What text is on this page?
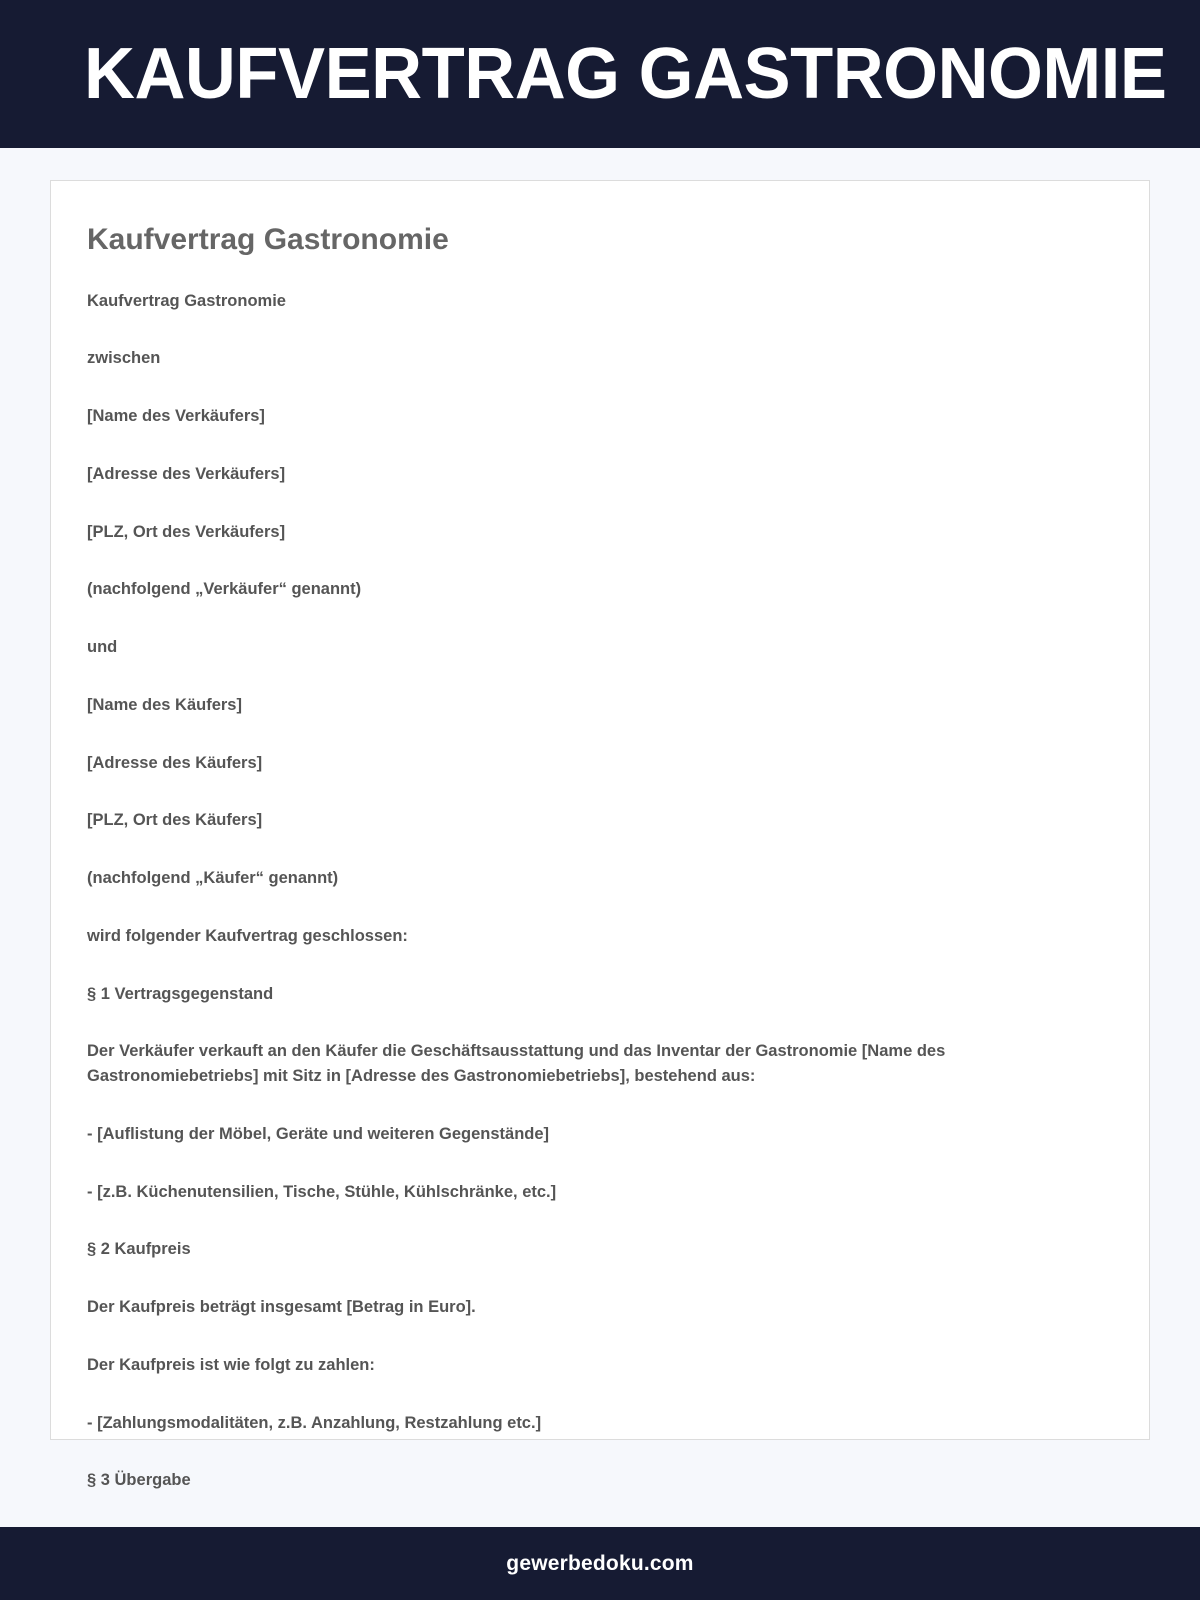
KAUFVERTRAG GASTRONOMIE
Kaufvertrag Gastronomie

Kaufvertrag Gastronomie

zwischen

[Name des Verkäufers]

[Adresse des Verkäufers]

[PLZ, Ort des Verkäufers]

(nachfolgend „Verkäufer“ genannt)

und

[Name des Käufers]

[Adresse des Käufers]

[PLZ, Ort des Käufers]

(nachfolgend „Käufer“ genannt)

wird folgender Kaufvertrag geschlossen:

§ 1 Vertragsgegenstand

Der Verkäufer verkauft an den Käufer die Geschäftsausstattung und das Inventar der Gastronomie [Name des Gastronomiebetriebs] mit Sitz in [Adresse des Gastronomiebetriebs], bestehend aus:

- [Auflistung der Möbel, Geräte und weiteren Gegenstände]

- [z.B. Küchenutensilien, Tische, Stühle, Kühlschränke, etc.]

§ 2 Kaufpreis

Der Kaufpreis beträgt insgesamt [Betrag in Euro].

Der Kaufpreis ist wie folgt zu zahlen:

- [Zahlungsmodalitäten, z.B. Anzahlung, Restzahlung etc.]

§ 3 Übergabe

gewerbedoku.com
